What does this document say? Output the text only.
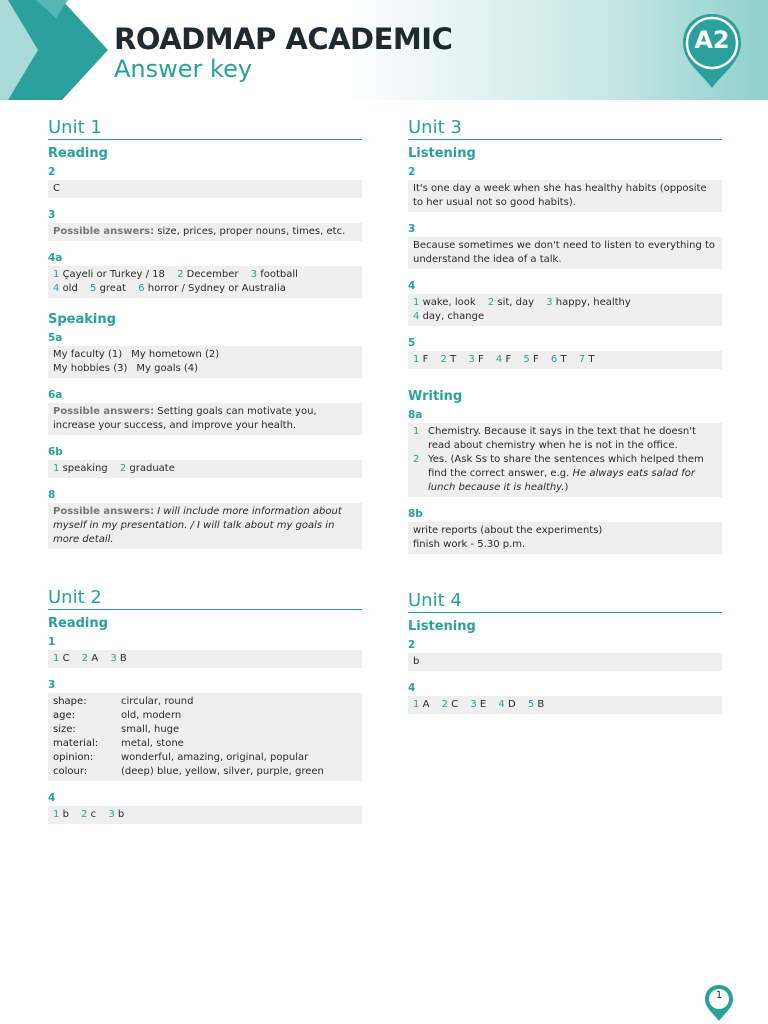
ROADMAP ACADEMIC
Answer key
A2
Unit 1
Reading
2
C
3
Possible answers: size, prices, proper nouns, times, etc.
4a
1 Çayeli or Turkey / 18 2 December 3 football
4 old 5 great 6 horror / Sydney or Australia
Speaking
5a
My faculty (1) My hometown (2)
My hobbies (3) My goals (4)
6a
Possible answers: Setting goals can motivate you, increase your success, and improve your health.
6b
1 speaking 2 graduate
8
Possible answers: I will include more information about myself in my presentation. / I will talk about my goals in more detail.
Unit 2
Reading
1
1 C 2 A 3 B
3
shape:	circular, round
age:	old, modern
size:	small, huge
material:	metal, stone
opinion:	wonderful, amazing, original, popular
colour:	(deep) blue, yellow, silver, purple, green
4
1 b 2 c 3 b
Unit 3
Listening
2
It's one day a week when she has healthy habits (opposite to her usual not so good habits).
3
Because sometimes we don't need to listen to everything to understand the idea of a talk.
4
1 wake, look 2 sit, day 3 happy, healthy
4 day, change
5
1 F 2 T 3 F 4 F 5 F 6 T 7 T
Writing
8a
1 Chemistry. Because it says in the text that he doesn't read about chemistry when he is not in the office.
2 Yes. (Ask Ss to share the sentences which helped them find the correct answer, e.g. He always eats salad for lunch because it is healthy.)
8b
write reports (about the experiments)
finish work - 5.30 p.m.
Unit 4
Listening
2
b
4
1 A 2 C 3 E 4 D 5 B
1
